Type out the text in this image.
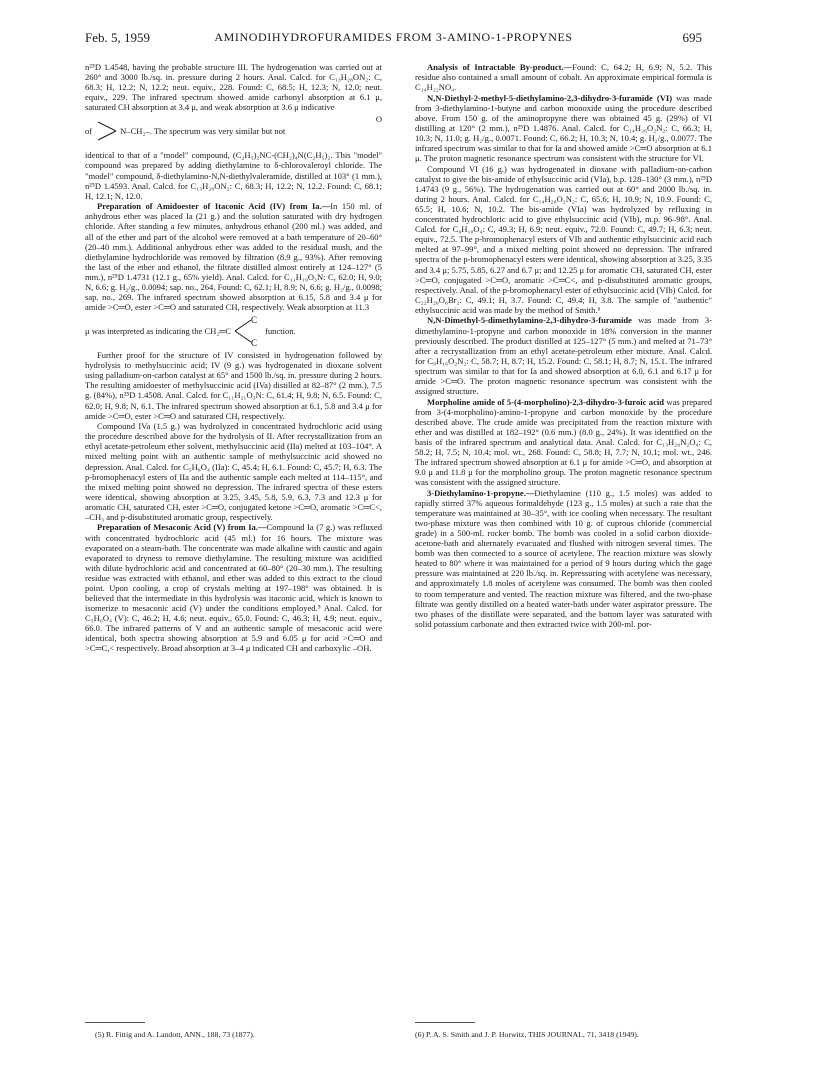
Feb. 5, 1959	AMINODIHYDROFURAMIDES FROM 3-AMINO-1-PROPYNES	695

n²⁵D 1.4548, having the probable structure III. The hydrogenation was carried out at 260° and 3000 lb./sq. in. pressure during 2 hours. Anal. Calcd. for C₁₃H₂₈ON₂: C, 68.3; H, 12.2; N, 12.2; neut. equiv., 228. Found: C, 68.5; H, 12.3; N, 12.0; neut. equiv., 229. The infrared spectrum showed amide carbonyl absorption at 6.1 μ, saturated CH absorption at 3.4 μ, and weak absorption at 3.6 μ indicative

of	N–CH₂–. The spectrum was very similar but not
O

identical to that of a "model" compound, (C₂H₅)₂NC-(CH₂)₄N(C₂H₅)₂. This "model" compound was prepared by adding diethylamine to δ-chlorovaleroyl chloride. The "model" compound, δ-diethylamino-N,N-diethylvaleramide, distilled at 103° (1 mm.), n²⁵D 1.4593. Anal. Calcd. for C₁₃H₂₈ON₂: C, 68.3; H, 12.2; N, 12.2. Found: C, 68.1; H, 12.1; N, 12.0.

Preparation of Amidoester of Itaconic Acid (IV) from Ia.—In 150 ml. of anhydrous ether was placed Ia (21 g.) and the solution saturated with dry hydrogen chloride. After standing a few minutes, anhydrous ethanol (200 ml.) was added, and all of the ether and part of the alcohol were removed at a bath temperature of 20–60° (20–40 mm.). Additional anhydrous ether was added to the residual mush, and the diethylamine hydrochloride was removed by filtration (8.9 g., 93%). After removing the last of the ether and ethanol, the filtrate distilled almost entirely at 124–127° (5 mm.), n²⁵D 1.4731 (12.1 g., 65% yield). Anal. Calcd. for C₁₁H₁₉O₃N: C, 62.0; H, 9.0; N, 6.6; g. H₂/g., 0.0094; sap. no., 264. Found: C, 62.1; H, 8.9; N, 6.6; g. H₂/g., 0.0098; sap. no., 269. The infrared spectrum showed absorption at 6.15, 5.8 and 3.4 μ for amide >C═O, ester >C═O and saturated CH, respectively. Weak absorption at 11.3

μ was interpreted as indicating the CH₂═C
C
C
function.

Further proof for the structure of IV consisted in hydrogenation followed by hydrolysis to methylsuccinic acid; IV (9 g.) was hydrogenated in dioxane solvent using palladium-on-carbon catalyst at 65° and 1500 lb./sq. in. pressure during 2 hours. The resulting amidoester of methylsuccinic acid (IVa) distilled at 82–87° (2 mm.), 7.5 g. (84%), n²⁵D 1.4508. Anal. Calcd. for C₁₁H₂₁O₃N: C, 61.4; H, 9.8; N, 6.5. Found: C, 62.0; H, 9.8; N, 6.1. The infrared spectrum showed absorption at 6.1, 5.8 and 3.4 μ for amide >C═O, ester >C═O and saturated CH, respectively.

Compound IVa (1.5 g.) was hydrolyzed in concentrated hydrochloric acid using the procedure described above for the hydrolysis of II. After recrystallization from an ethyl acetate-petroleum ether solvent, methylsuccinic acid (IIa) melted at 103–104°. A mixed melting point with an authentic sample of methylsuccinic acid showed no depression. Anal. Calcd. for C₅H₈O₄ (IIa): C, 45.4; H, 6.1. Found: C, 45.7; H, 6.3. The p-bromophenacyl esters of IIa and the authentic sample each melted at 114–115°, and the mixed melting point showed no depression. The infrared spectra of these esters were identical, showing absorption at 3.25, 3.45, 5.8, 5.9, 6.3, 7.3 and 12.3 μ for aromatic CH, saturated CH, ester >C═O, conjugated ketone >C═O, aromatic >C═C<, –CH₃ and p-disubstituted aromatic group, respectively.

Preparation of Mesaconic Acid (V) from Ia.—Compound Ia (7 g.) was refluxed with concentrated hydrochloric acid (45 ml.) for 16 hours. The mixture was evaporated on a steam-bath. The concentrate was made alkaline with caustic and again evaporated to dryness to remove diethylamine. The resulting mixture was acidified with dilute hydrochloric acid and concentrated at 60–80° (20–30 mm.). The resulting residue was extracted with ethanol, and ether was added to this extract to the cloud point. Upon cooling, a crop of crystals melting at 197–198° was obtained. It is believed that the intermediate in this hydrolysis was itaconic acid, which is known to isomerize to mesaconic acid (V) under the conditions employed.⁵ Anal. Calcd. for C₅H₆O₄ (V): C, 46.2; H, 4.6; neut. equiv., 65.0. Found: C, 46.3; H, 4.9; neut. equiv., 66.0. The infrared patterns of V and an authentic sample of mesaconic acid were identical, both spectra showing absorption at 5.9 and 6.05 μ for acid >C═O and >C═C,< respectively. Broad absorption at 3–4 μ indicated CH and carboxylic –OH.

Analysis of Intractable By-product.—Found: C, 64.2; H, 6.9; N, 5.2. This residue also contained a small amount of cobalt. An approximate empirical formula is C₁₄H₂₂NO₄.

N,N-Diethyl-2-methyl-5-diethylamino-2,3-dihydro-3-furamide (VI) was made from 3-diethylamino-1-butyne and carbon monoxide using the procedure described above. From 150 g. of the aminopropyne there was obtained 45 g. (29%) of VI distilling at 120° (2 mm.), n²⁵D 1.4876. Anal. Calcd. for C₁₄H₂₆O₂N₂: C, 66.3; H, 10.3; N, 11.0; g. H₂/g., 0.0071. Found: C, 66.2; H, 10.3; N, 10.4; g. H₂/g., 0.0077. The infrared spectrum was similar to that for Ia and showed amide >C═O absorption at 6.1 μ. The proton magnetic resonance spectrum was consistent with the structure for VI.

Compound VI (16 g.) was hydrogenated in dioxane with palladium-on-carbon catalyst to give the bis-amide of ethylsuccinic acid (VIa), b.p. 128–130° (3 mm.), n²⁵D 1.4743 (9 g., 56%). The hydrogenation was carried out at 60° and 2000 lb./sq. in. during 2 hours. Anal. Calcd. for C₁₄H₂₈O₂N₂: C, 65.6; H, 10.9; N, 10.9. Found: C, 65.5; H, 10.6; N, 10.2. The bis-amide (VIa) was hydrolyzed by refluxing in concentrated hydrochloric acid to give ethylsuccinic acid (VIb), m.p. 96–98°. Anal. Calcd. for C₆H₁₀O₄: C, 49.3; H, 6.9; neut. equiv., 72.0. Found: C, 49.7; H, 6.3; neut. equiv., 72.5. The p-bromophenacyl esters of VIb and authentic ethylsuccinic acid each melted at 97–99°, and a mixed melting point showed no depression. The infrared spectra of the p-bromophenacyl esters were identical, showing absorption at 3.25, 3.35 and 3.4 μ; 5.75, 5.85, 6.27 and 6.7 μ; and 12.25 μ for aromatic CH, saturated CH, ester >C═O, conjugated >C═O, aromatic >C═C<, and p-disubstituted aromatic groups, respectively. Anal. of the p-bromophenacyl ester of ethylsuccinic acid (VIb) Calcd. for C₂₂H₂₀O₆Br₂: C, 49.1; H, 3.7. Found: C, 49.4; H, 3.8. The sample of "authentic" ethylsuccinic acid was made by the method of Smith.⁶

N,N-Dimethyl-5-dimethylamino-2,3-dihydro-3-furamide was made from 3-dimethylamino-1-propyne and carbon monoxide in 18% conversion in the manner previously described. The product distilled at 125–127° (5 mm.) and melted at 71–73° after a recrystallization from an ethyl acetate-petroleum ether mixture. Anal. Calcd. for C₉H₁₆O₂N₂: C, 58.7; H, 8.7; H, 15.2. Found: C, 58.1; H, 8.7; N, 15.1. The infrared spectrum was similar to that for Ia and showed absorption at 6.0, 6.1 and 6.17 μ for amide >C═O. The proton magnetic resonance spectrum was consistent with the assigned structure.

Morpholine amide of 5-(4-morpholino)-2,3-dihydro-3-furoic acid was prepared from 3-(4-morpholino)-amino-1-propyne and carbon monoxide by the procedure described above. The crude amide was precipitated from the reaction mixture with ether and was distilled at 182–192° (0.6 mm.) (8.0 g., 24%). It was identified on the basis of the infrared spectrum and analytical data. Anal. Calcd. for C₁₃H₂₀N₂O₄: C, 58.2; H, 7.5; N, 10.4; mol. wt., 268. Found: C, 58.8; H, 7.7; N, 10.1; mol. wt., 246. The infrared spectrum showed absorption at 6.1 μ for amide >C═O, and absorption at 9.0 μ and 11.8 μ for the morpholino group. The proton magnetic resonance spectrum was consistent with the assigned structure.

3-Diethylamino-1-propyne.—Diethylamine (110 g., 1.5 moles) was added to rapidly stirred 37% aqueous formaldehyde (123 g., 1.5 moles) at such a rate that the temperature was maintained at 30–35°, with ice cooling when necessary. The resultant two-phase mixture was then combined with 10 g. of cuprous chloride (commercial grade) in a 500-ml. rocker bomb. The bomb was cooled in a solid carbon dioxide-acetone-bath and alternately evacuated and flushed with nitrogen several times. The bomb was then connected to a source of acetylene. The reaction mixture was slowly heated to 80° where it was maintained for a period of 9 hours during which the gage pressure was maintained at 220 lb./sq. in. Repressuring with acetylene was necessary, and approximately 1.8 moles of acetylene was consumed. The bomb was then cooled to room temperature and vented. The reaction mixture was filtered, and the two-phase filtrate was gently distilled on a heated water-bath under water aspirator pressure. The two phases of the distillate were separated, and the bottom layer was saturated with solid potassium carbonate and then extracted twice with 200-ml. por-

(5) R. Fittig and A. Landott, ANN., 188, 73 (1877).	(6) P. A. S. Smith and J. P. Horwitz, THIS JOURNAL, 71, 3418 (1949).
